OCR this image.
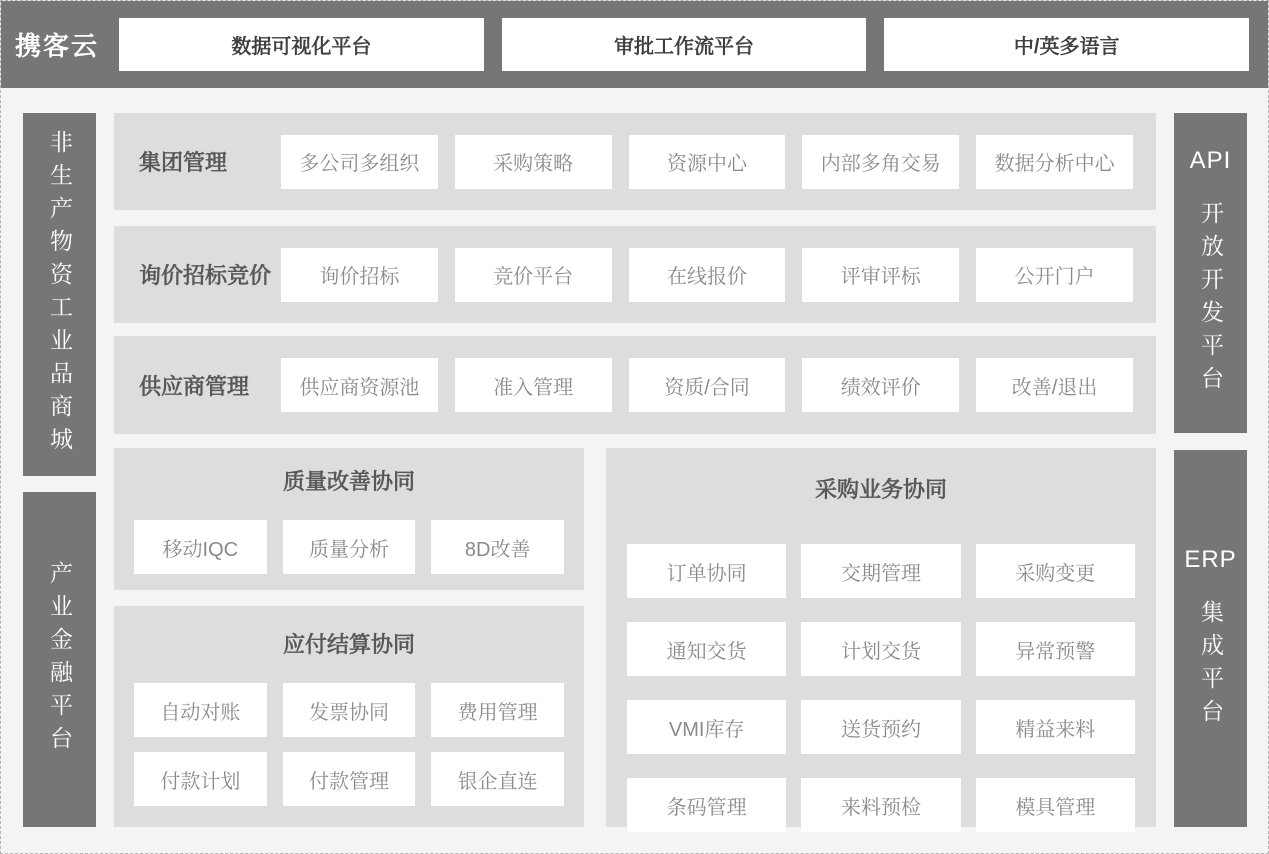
携客云	数据可视化平台	审批工作流平台	中/英多语言
非生产物资工业品商城
产业金融平台
集团管理	多公司多组织	采购策略	资源中心	内部多角交易	数据分析中心
询价招标竞价	询价招标	竞价平台	在线报价	评审评标	公开门户
供应商管理	供应商资源池	准入管理	资质/合同	绩效评价	改善/退出
质量改善协同
移动IQC	质量分析	8D改善
应付结算协同
自动对账	发票协同	费用管理
付款计划	付款管理	银企直连
采购业务协同
订单协同	交期管理	采购变更
通知交货	计划交货	异常预警
VMI库存	送货预约	精益来料
条码管理	来料预检	模具管理
API
开放开发平台
ERP
集成平台
